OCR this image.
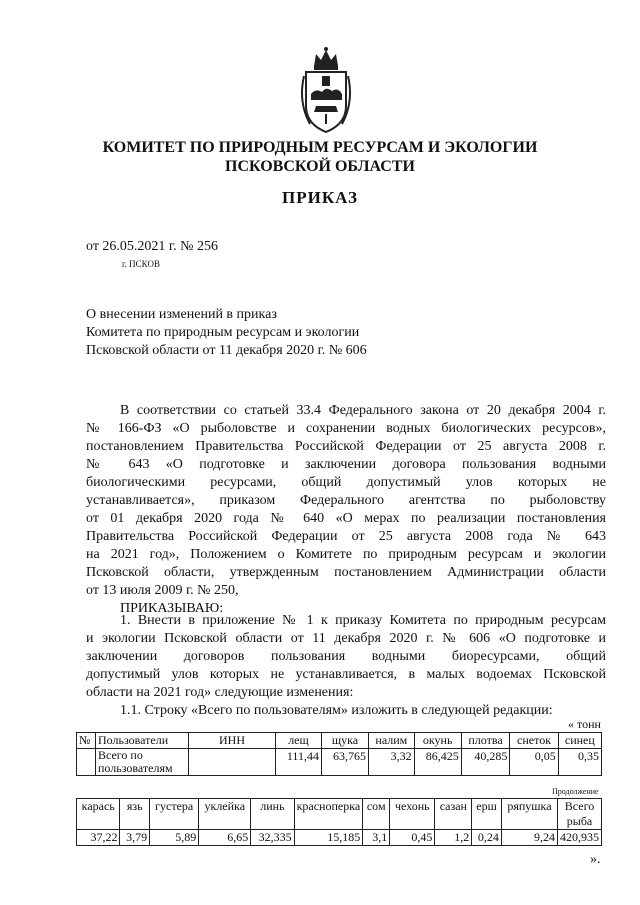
КОМИТЕТ ПО ПРИРОДНЫМ РЕСУРСАМ И ЭКОЛОГИИ
ПСКОВСКОЙ ОБЛАСТИ
ПРИКАЗ
от 26.05.2021 г. № 256
г. ПСКОВ
О внесении изменений в приказ
Комитета по природным ресурсам и экологии
Псковской области от 11 декабря 2020 г. № 606
В соответствии со статьей 33.4 Федерального закона от 20 декабря 2004 г.
№ 166-ФЗ «О рыболовстве и сохранении водных биологических ресурсов»,
постановлением Правительства Российской Федерации от 25 августа 2008 г.
№ 643 «О подготовке и заключении договора пользования водными
биологическими ресурсами, общий допустимый улов которых не
устанавливается», приказом Федерального агентства по рыболовству
от 01 декабря 2020 года № 640 «О мерах по реализации постановления
Правительства Российской Федерации от 25 августа 2008 года № 643
на 2021 год», Положением о Комитете по природным ресурсам и экологии
Псковской области, утвержденным постановлением Администрации области
от 13 июля 2009 г. № 250,
ПРИКАЗЫВАЮ:
1. Внести в приложение № 1 к приказу Комитета по природным ресурсам
и экологии Псковской области от 11 декабря 2020 г. № 606 «О подготовке и
заключении договоров пользования водными биоресурсами, общий
допустимый улов которых не устанавливается, в малых водоемах Псковской
области на 2021 год» следующие изменения:
1.1. Строку «Всего по пользователям» изложить в следующей редакции:
« тонн
№	Пользователи	ИНН	лещ	щука	налим	окунь	плотва	снеток	синец
	Всего по пользователям		111,44	63,765	3,32	86,425	40,285	0,05	0,35
Продолжение
карась	язь	густера	уклейка	линь	красноперка	сом	чехонь	сазан	ерш	ряпушка	Всего рыба
37,22	3,79	5,89	6,65	32,335	15,185	3,1	0,45	1,2	0,24	9,24	420,935
».
